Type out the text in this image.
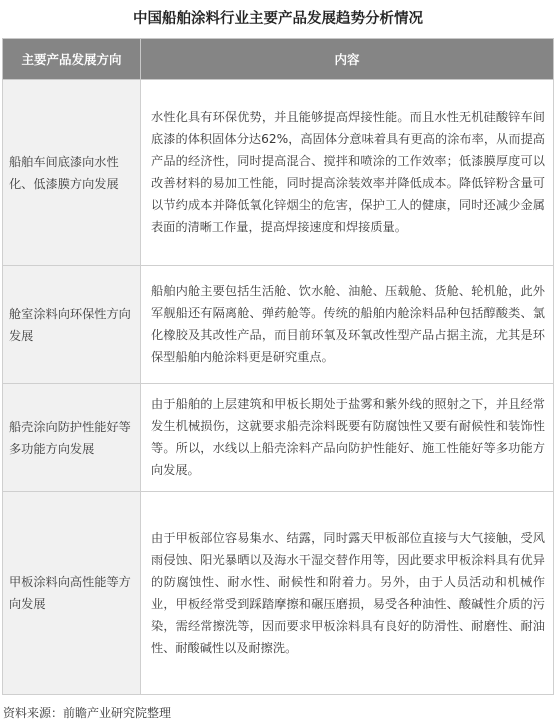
中国船舶涂料行业主要产品发展趋势分析情况
主要产品发展方向	内容
船舶车间底漆向水性化、低漆膜方向发展	水性化具有环保优势，并且能够提高焊接性能。而且水性无机硅酸锌车间底漆的体积固体分达62%，高固体分意味着具有更高的涂布率，从而提高产品的经济性，同时提高混合、搅拌和喷涂的工作效率；低漆膜厚度可以改善材料的易加工性能，同时提高涂装效率并降低成本。降低锌粉含量可以节约成本并降低氧化锌烟尘的危害，保护工人的健康，同时还减少金属表面的清晰工作量，提高焊接速度和焊接质量。
舱室涂料向环保性方向发展	船舶内舱主要包括生活舱、饮水舱、油舱、压载舱、货舱、轮机舱，此外军舰船还有隔离舱、弹药舱等。传统的船舶内舱涂料品种包括醇酸类、氯化橡胶及其改性产品，而目前环氧及环氧改性型产品占据主流，尤其是环保型船舶内舱涂料更是研究重点。
船壳涂向防护性能好等多功能方向发展	由于船舶的上层建筑和甲板长期处于盐雾和紫外线的照射之下，并且经常发生机械损伤，这就要求船壳涂料既要有防腐蚀性又要有耐候性和装饰性等。所以，水线以上船壳涂料产品向防护性能好、施工性能好等多功能方向发展。
甲板涂料向高性能等方向发展	由于甲板部位容易集水、结露，同时露天甲板部位直接与大气接触，受风雨侵蚀、阳光暴晒以及海水干湿交替作用等，因此要求甲板涂料具有优异的防腐蚀性、耐水性、耐候性和附着力。另外，由于人员活动和机械作业，甲板经常受到踩踏摩擦和碾压磨损，易受各种油性、酸碱性介质的污染，需经常擦洗等，因而要求甲板涂料具有良好的防滑性、耐磨性、耐油性、耐酸碱性以及耐擦洗。
资料来源：前瞻产业研究院整理
